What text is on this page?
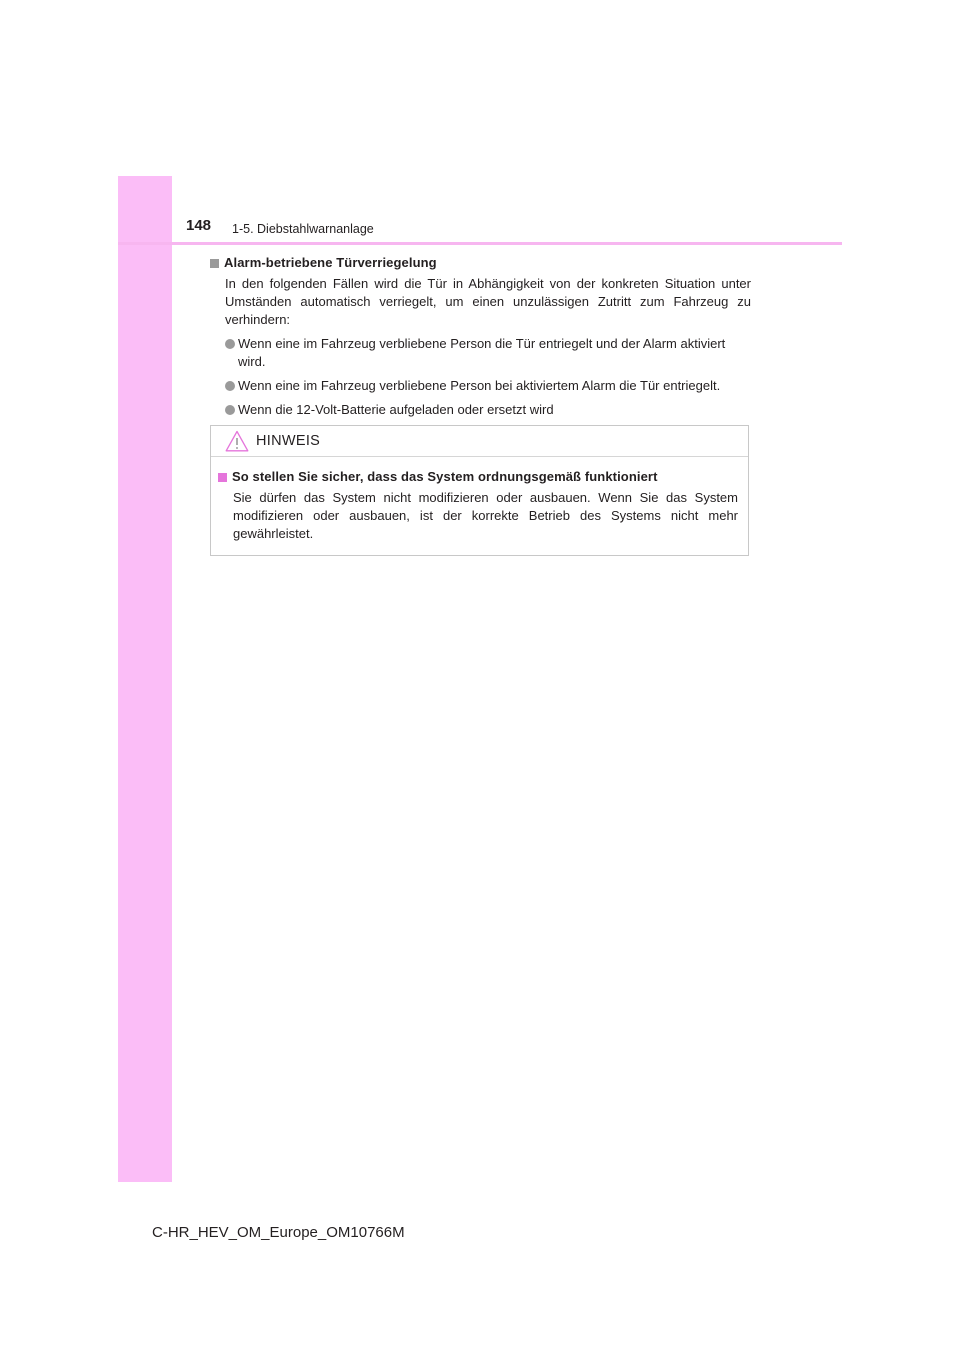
148 1-5. Diebstahlwarnanlage
Alarm-betriebene Türverriegelung

In den folgenden Fällen wird die Tür in Abhängigkeit von der konkreten Situation unter Umständen automatisch verriegelt, um einen unzulässigen Zutritt zum Fahrzeug zu verhindern:

Wenn eine im Fahrzeug verbliebene Person die Tür entriegelt und der Alarm aktiviert wird.
Wenn eine im Fahrzeug verbliebene Person bei aktiviertem Alarm die Tür entriegelt.
Wenn die 12-Volt-Batterie aufgeladen oder ersetzt wird
HINWEIS
So stellen Sie sicher, dass das System ordnungsgemäß funktioniert

Sie dürfen das System nicht modifizieren oder ausbauen. Wenn Sie das System modifizieren oder ausbauen, ist der korrekte Betrieb des Systems nicht mehr gewährleistet.

C-HR_HEV_OM_Europe_OM10766M
